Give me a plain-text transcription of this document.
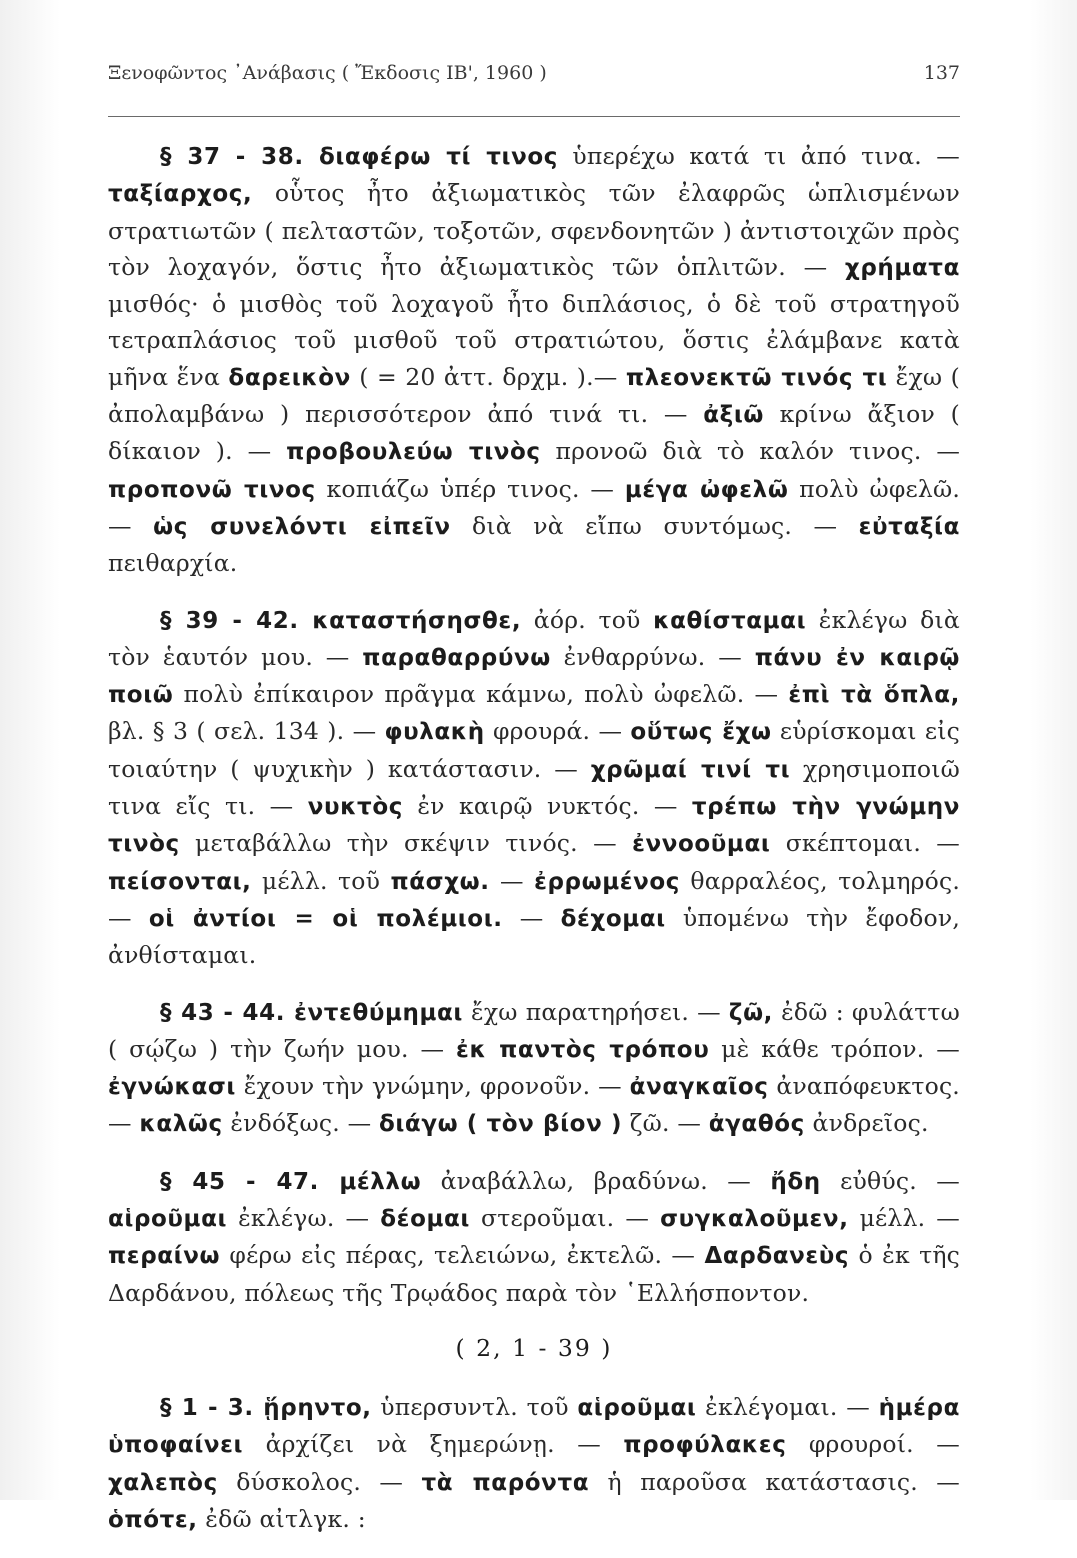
Ξενοφῶντος ᾿Ανάβασις ( Ἔκδοσις ΙΒ', 1960 )	137

§ 37 - 38. διαφέρω τί τινος ὑπερέχω κατά τι ἀπό τινα. — ταξίαρχος, οὗτος ἦτο ἀξιωματικὸς τῶν ἐλαφρῶς ὡπλισμένων στρατιωτῶν ( πελταστῶν, τοξοτῶν, σφενδονητῶν ) ἀντιστοιχῶν πρὸς τὸν λοχαγόν, ὅστις ἦτο ἀξιωματικὸς τῶν ὁπλιτῶν. — χρήματα μισθός· ὁ μισθὸς τοῦ λοχαγοῦ ἦτο διπλάσιος, ὁ δὲ τοῦ στρατηγοῦ τετραπλάσιος τοῦ μισθοῦ τοῦ στρατιώτου, ὅστις ἐλάμβανε κατὰ μῆνα ἕνα δαρεικὸν ( = 20 ἀττ. δρχμ. ).— πλεονεκτῶ τινός τι ἔχω ( ἀπολαμβάνω ) περισσότερον ἀπό τινά τι. — ἀξιῶ κρίνω ἄξιον ( δίκαιον ). — προβουλεύω τινὸς προνοῶ διὰ τὸ καλόν τινος. — προπονῶ τινος κοπιάζω ὑπέρ τινος. — μέγα ὠφελῶ πολὺ ὠφελῶ. — ὡς συνελόντι εἰπεῖν διὰ νὰ εἴπω συντόμως. — εὐταξία πειθαρχία.

§ 39 - 42. καταστήσησθε, ἀόρ. τοῦ καθίσταμαι ἐκλέγω διὰ τὸν ἑαυτόν μου. — παραθαρρύνω ἐνθαρρύνω. — πάνυ ἐν καιρῷ ποιῶ πολὺ ἐπίκαιρον πρᾶγμα κάμνω, πολὺ ὠφελῶ. — ἐπὶ τὰ ὅπλα, βλ. § 3 ( σελ. 134 ). — φυλακὴ φρουρά. — οὕτως ἔχω εὑρίσκομαι εἰς τοιαύτην ( ψυχικὴν ) κατάστασιν. — χρῶμαί τινί τι χρησιμοποιῶ τινα εἴς τι. — νυκτὸς ἐν καιρῷ νυκτός. — τρέπω τὴν γνώμην τινὸς μεταβάλλω τὴν σκέψιν τινός. — ἐννοοῦμαι σκέπτομαι. — πείσονται, μέλλ. τοῦ πάσχω. — ἐρρωμένος θαρραλέος, τολμηρός. — οἱ ἀντίοι = οἱ πολέμιοι. — δέχομαι ὑπομένω τὴν ἔφοδον, ἀνθίσταμαι.

§ 43 - 44. ἐντεθύμημαι ἔχω παρατηρήσει. — ζῶ, ἐδῶ : φυλάττω ( σῴζω ) τὴν ζωήν μου. — ἐκ παντὸς τρόπου μὲ κάθε τρόπον. — ἐγνώκασι ἔχουν τὴν γνώμην, φρονοῦν. — ἀναγκαῖος ἀναπόφευκτος. — καλῶς ἐνδόξως. — διάγω ( τὸν βίον ) ζῶ. — ἀγαθός ἀνδρεῖος.

§ 45 - 47. μέλλω ἀναβάλλω, βραδύνω. — ἤδη εὐθύς. — αἱροῦμαι ἐκλέγω. — δέομαι στεροῦμαι. — συγκαλοῦμεν, μέλλ. — περαίνω φέρω εἰς πέρας, τελειώνω, ἐκτελῶ. — Δαρδανεὺς ὁ ἐκ τῆς Δαρδάνου, πόλεως τῆς Τρῳάδος παρὰ τὸν ῾Ελλήσποντον.

( 2, 1 - 39 )

§ 1 - 3. ᾕρηντο, ὑπερσυντλ. τοῦ αἱροῦμαι ἐκλέγομαι. — ἡμέρα ὑποφαίνει ἀρχίζει νὰ ξημερώνῃ. — προφύλακες φρουροί. — χαλεπὸς δύσκολος. — τὰ παρόντα ἡ παροῦσα κατάστασις. — ὁπότε, ἐδῶ αἰτλγκ. :
